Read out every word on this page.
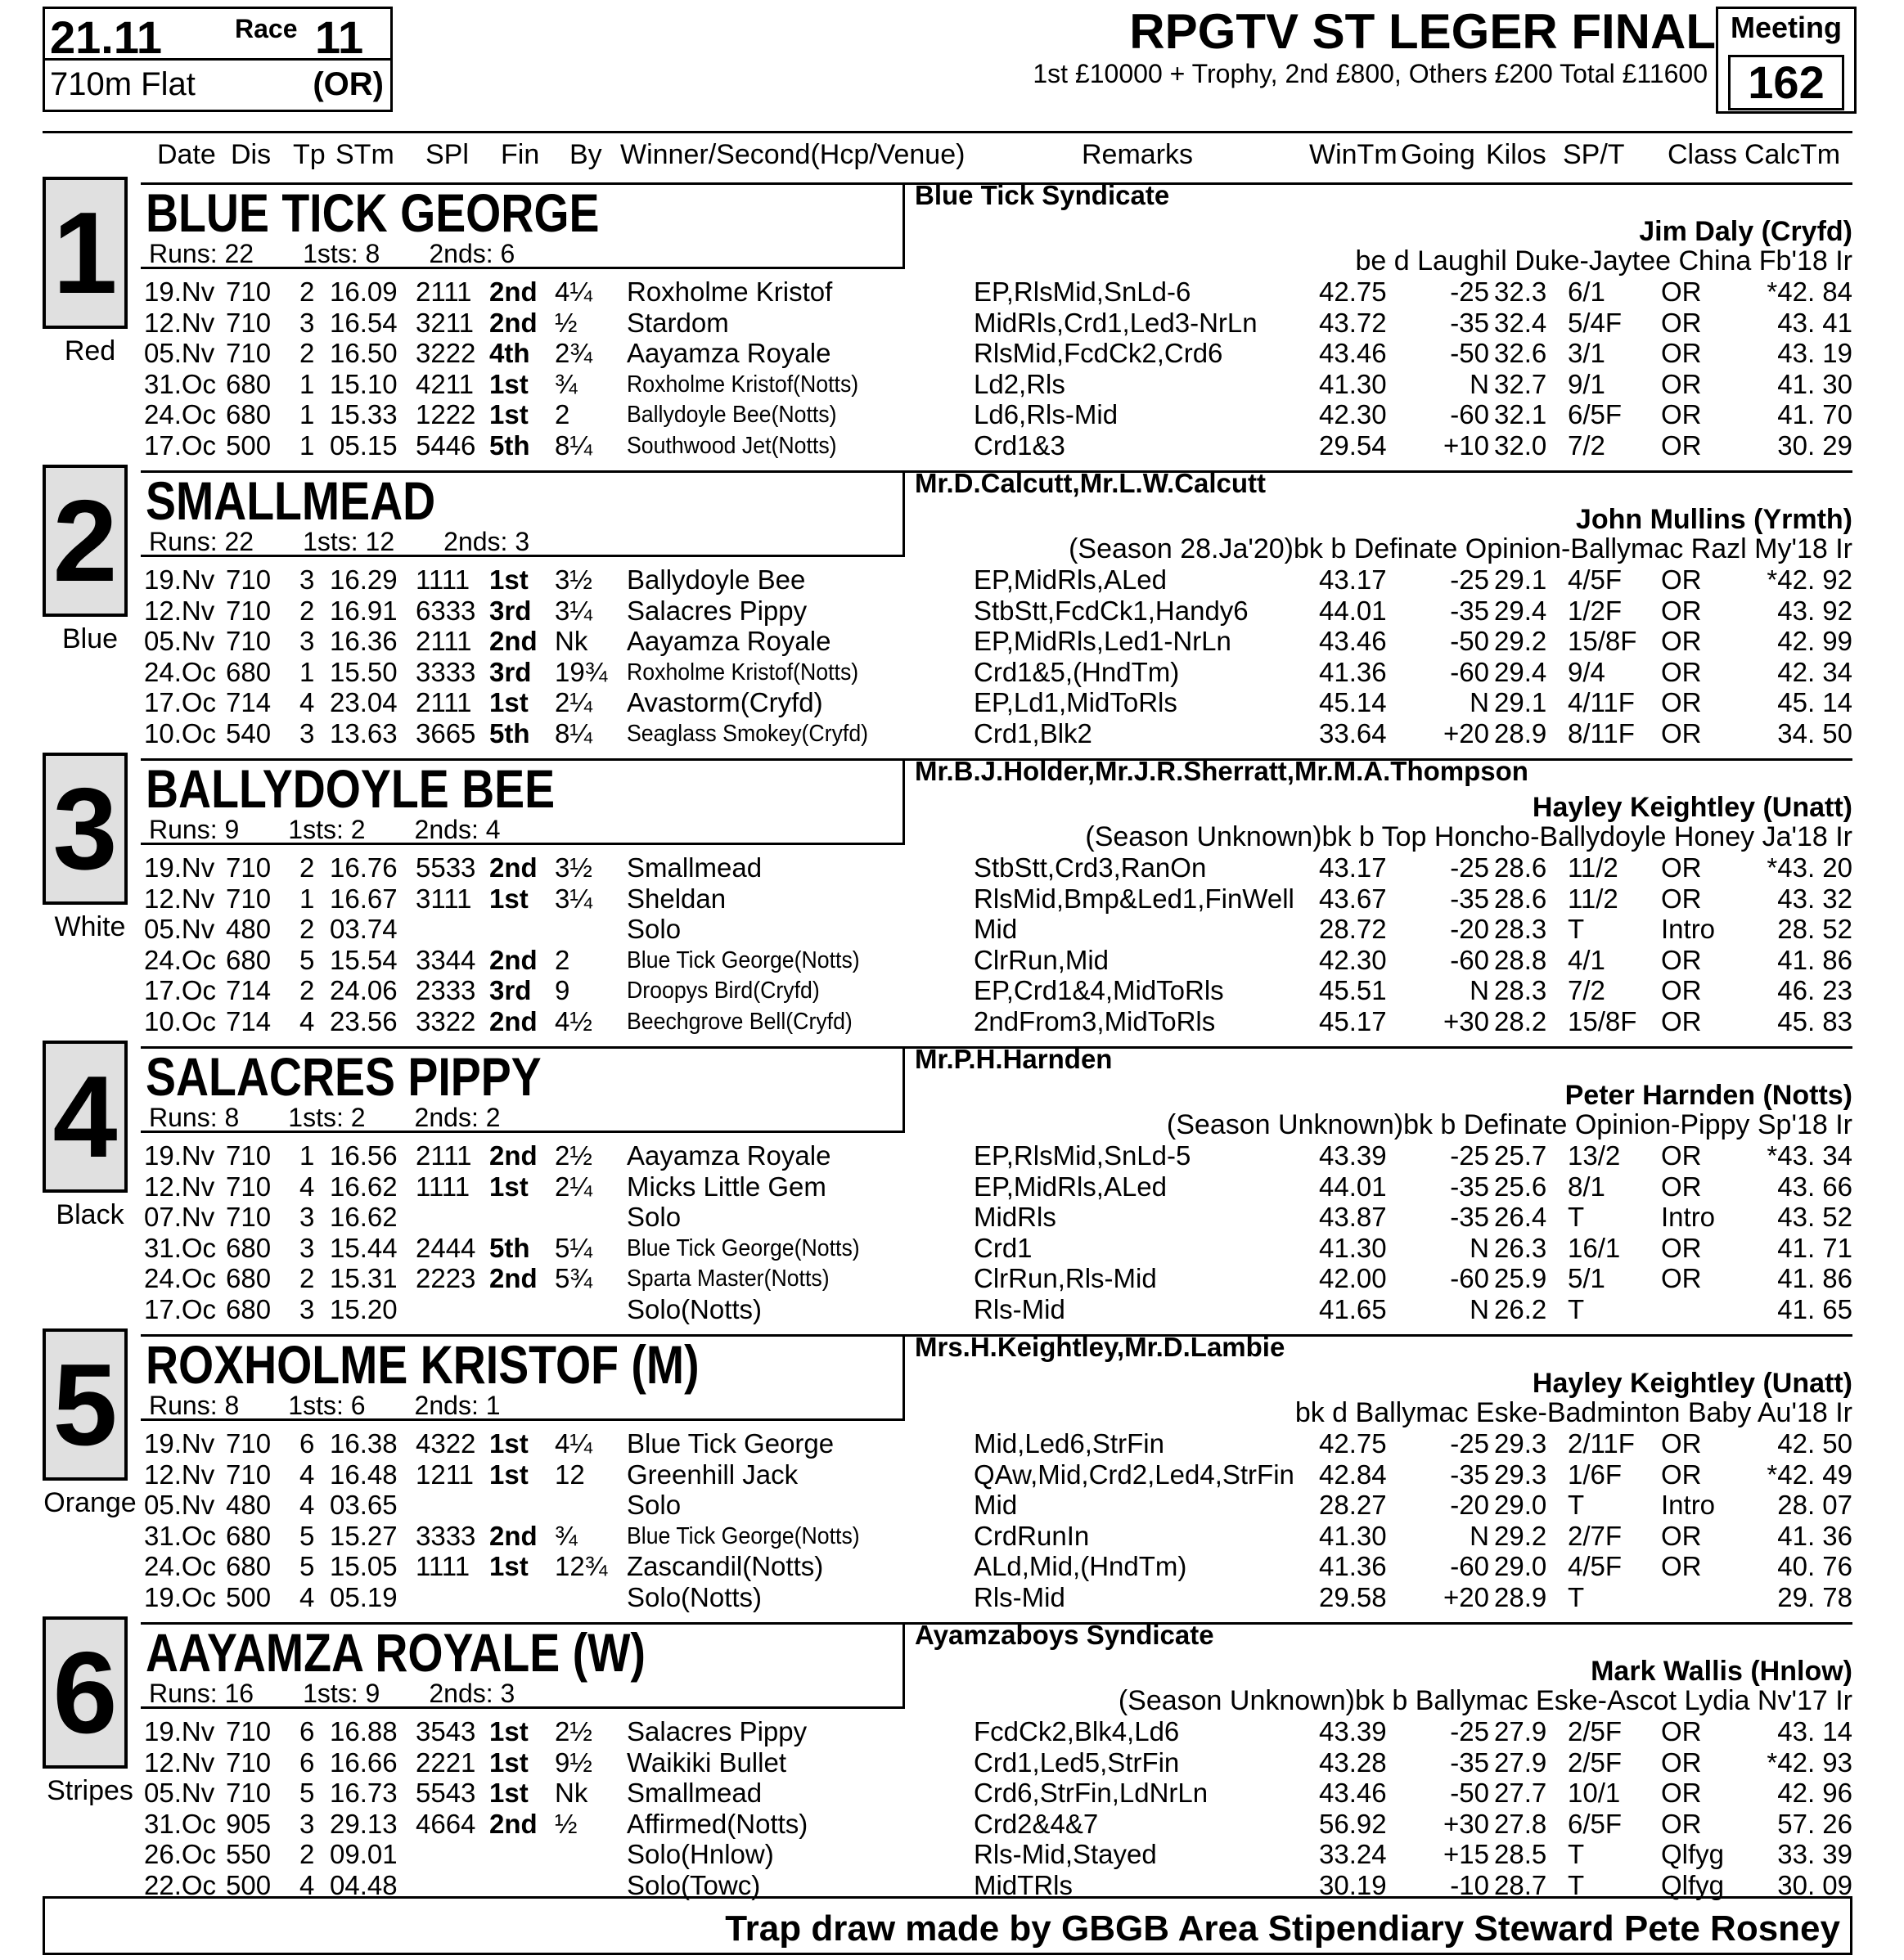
21.11	Race 11
710m Flat	(OR)
RPGTV ST LEGER FINAL
1st £10000 + Trophy, 2nd £800, Others £200 Total £11600
Meeting
162
Date Dis Tp STm SPl Fin By Winner/Second(Hcp/Venue)	Remarks	WinTm Going Kilos SP/T Class CalcTm
1
Red
BLUE TICK GEORGE
Runs: 22 1sts: 8 2nds: 6
Blue Tick Syndicate
Jim Daly (Cryfd)
be d Laughil Duke-Jaytee China Fb'18 Ir
19.Nv 710 2 16.09 2111 2nd 4¼ Roxholme Kristof	EP,RlsMid,SnLd-6	42.75	-25 32.3 6/1 OR	*42. 84
12.Nv 710 3 16.54 3211 2nd ½ Stardom	MidRls,Crd1,Led3-NrLn 43.72	-35 32.4 5/4F OR	43. 41
05.Nv 710 2 16.50 3222 4th 2¾ Aayamza Royale	RlsMid,FcdCk2,Crd6	43.46	-50 32.6 3/1 OR	43. 19
31.Oc 680 1 15.10 4211 1st ¾ Roxholme Kristof(Notts)	Ld2,Rls	41.30	N 32.7 9/1 OR	41. 30
24.Oc 680 1 15.33 1222 1st 2 Ballydoyle Bee(Notts)	Ld6,Rls-Mid	42.30	-60 32.1 6/5F OR	41. 70
17.Oc 500 1 05.15 5446 5th 8¼ Southwood Jet(Notts)	Crd1&3	29.54	+10 32.0 7/2 OR	30. 29
2
Blue
SMALLMEAD
Runs: 22 1sts: 12 2nds: 3
Mr.D.Calcutt,Mr.L.W.Calcutt
John Mullins (Yrmth)
(Season 28.Ja'20)bk b Definate Opinion-Ballymac Razl My'18 Ir
19.Nv 710 3 16.29 1111 1st 3½ Ballydoyle Bee	EP,MidRls,ALed	43.17	-25 29.1 4/5F OR	*42. 92
12.Nv 710 2 16.91 6333 3rd 3¼ Salacres Pippy	StbStt,FcdCk1,Handy6	44.01	-35 29.4 1/2F OR	43. 92
05.Nv 710 3 16.36 2111 2nd Nk Aayamza Royale	EP,MidRls,Led1-NrLn	43.46	-50 29.2 15/8F OR	42. 99
24.Oc 680 1 15.50 3333 3rd 19¾ Roxholme Kristof(Notts)	Crd1&5,(HndTm)	41.36	-60 29.4 9/4 OR	42. 34
17.Oc 714 4 23.04 2111 1st 2¼ Avastorm(Cryfd)	EP,Ld1,MidToRls	45.14	N 29.1 4/11F OR	45. 14
10.Oc 540 3 13.63 3665 5th 8¼ Seaglass Smokey(Cryfd)	Crd1,Blk2	33.64	+20 28.9 8/11F OR	34. 50
3
White
BALLYDOYLE BEE
Runs: 9 1sts: 2 2nds: 4
Mr.B.J.Holder,Mr.J.R.Sherratt,Mr.M.A.Thompson
Hayley Keightley (Unatt)
(Season Unknown)bk b Top Honcho-Ballydoyle Honey Ja'18 Ir
19.Nv 710 2 16.76 5533 2nd 3½ Smallmead	StbStt,Crd3,RanOn	43.17	-25 28.6 11/2 OR	*43. 20
12.Nv 710 1 16.67 3111 1st 3¼ Sheldan	RlsMid,Bmp&Led1,FinWell 43.67	-35 28.6 11/2 OR	43. 32
05.Nv 480 2 03.74	Solo	Mid	28.72	-20 28.3 T	Intro	28. 52
24.Oc 680 5 15.54 3344 2nd 2 Blue Tick George(Notts)	ClrRun,Mid	42.30	-60 28.8 4/1 OR	41. 86
17.Oc 714 2 24.06 2333 3rd 9 Droopys Bird(Cryfd)	EP,Crd1&4,MidToRls	45.51	N 28.3 7/2 OR	46. 23
10.Oc 714 4 23.56 3322 2nd 4½ Beechgrove Bell(Cryfd)	2ndFrom3,MidToRls	45.17	+30 28.2 15/8F OR	45. 83
4
Black
SALACRES PIPPY
Runs: 8 1sts: 2 2nds: 2
Mr.P.H.Harnden
Peter Harnden (Notts)
(Season Unknown)bk b Definate Opinion-Pippy Sp'18 Ir
19.Nv 710 1 16.56 2111 2nd 2½ Aayamza Royale	EP,RlsMid,SnLd-5	43.39	-25 25.7 13/2 OR	*43. 34
12.Nv 710 4 16.62 1111 1st 2¼ Micks Little Gem	EP,MidRls,ALed	44.01	-35 25.6 8/1 OR	43. 66
07.Nv 710 3 16.62	Solo	MidRls	43.87	-35 26.4 T	Intro	43. 52
31.Oc 680 3 15.44 2444 5th 5¼ Blue Tick George(Notts)	Crd1	41.30	N 26.3 16/1 OR	41. 71
24.Oc 680 2 15.31 2223 2nd 5¾ Sparta Master(Notts)	ClrRun,Rls-Mid	42.00	-60 25.9 5/1 OR	41. 86
17.Oc 680 3 15.20	Solo(Notts)	Rls-Mid	41.65	N 26.2 T	41. 65
5
Orange
ROXHOLME KRISTOF (M)
Runs: 8 1sts: 6 2nds: 1
Mrs.H.Keightley,Mr.D.Lambie
Hayley Keightley (Unatt)
bk d Ballymac Eske-Badminton Baby Au'18 Ir
19.Nv 710 6 16.38 4322 1st 4¼ Blue Tick George	Mid,Led6,StrFin	42.75	-25 29.3 2/11F OR	42. 50
12.Nv 710 4 16.48 1211 1st 12 Greenhill Jack	QAw,Mid,Crd2,Led4,StrFin 42.84	-35 29.3 1/6F OR	*42. 49
05.Nv 480 4 03.65	Solo	Mid	28.27	-20 29.0 T	Intro	28. 07
31.Oc 680 5 15.27 3333 2nd ¾ Blue Tick George(Notts)	CrdRunIn	41.30	N 29.2 2/7F OR	41. 36
24.Oc 680 5 15.05 1111 1st 12¾ Zascandil(Notts)	ALd,Mid,(HndTm)	41.36	-60 29.0 4/5F OR	40. 76
19.Oc 500 4 05.19	Solo(Notts)	Rls-Mid	29.58	+20 28.9 T	29. 78
6
Stripes
AAYAMZA ROYALE (W)
Runs: 16 1sts: 9 2nds: 3
Ayamzaboys Syndicate
Mark Wallis (Hnlow)
(Season Unknown)bk b Ballymac Eske-Ascot Lydia Nv'17 Ir
19.Nv 710 6 16.88 3543 1st 2½ Salacres Pippy	FcdCk2,Blk4,Ld6	43.39	-25 27.9 2/5F OR	43. 14
12.Nv 710 6 16.66 2221 1st 9½ Waikiki Bullet	Crd1,Led5,StrFin	43.28	-35 27.9 2/5F OR	*42. 93
05.Nv 710 5 16.73 5543 1st Nk Smallmead	Crd6,StrFin,LdNrLn	43.46	-50 27.7 10/1 OR	42. 96
31.Oc 905 3 29.13 4664 2nd ½ Affirmed(Notts)	Crd2&4&7	56.92	+30 27.8 6/5F OR	57. 26
26.Oc 550 2 09.01	Solo(Hnlow)	Rls-Mid,Stayed	33.24	+15 28.5 T	Qlfyg	33. 39
22.Oc 500 4 04.48	Solo(Towc)	MidTRls	30.19	-10 28.7 T	Qlfyg	30. 09
Trap draw made by GBGB Area Stipendiary Steward Pete Rosney
